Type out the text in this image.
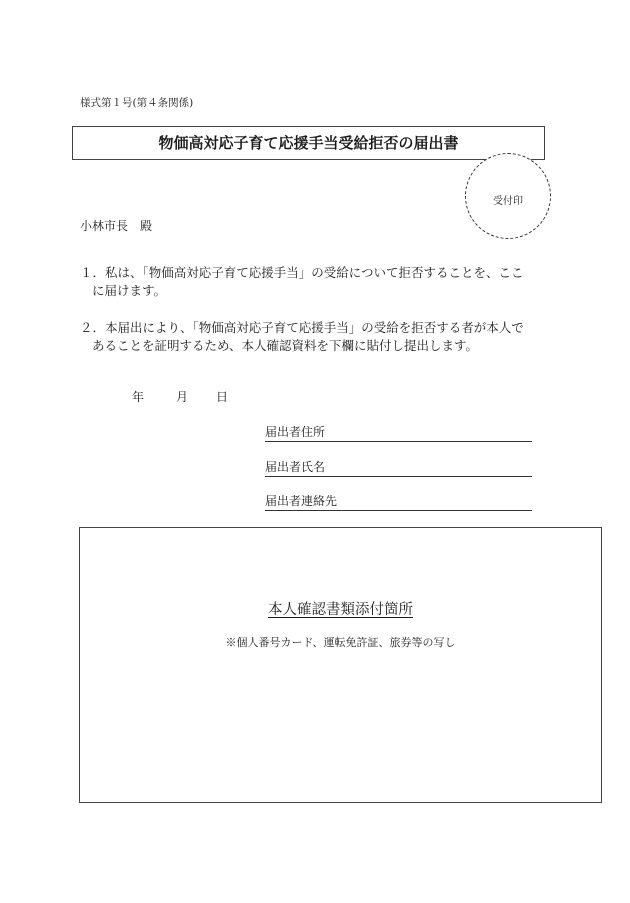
様式第１号(第４条関係)
物価高対応子育て応援手当受給拒否の届出書
受付印
小林市長　殿
１．私は、「物価高対応子育て応援手当」の受給について拒否することを、ここ
に届けます。
２．本届出により、「物価高対応子育て応援手当」の受給を拒否する者が本人で
あることを証明するため、本人確認資料を下欄に貼付し提出します。
年	月 日
届出者住所
届出者氏名
届出者連絡先
本人確認書類添付箇所
※個人番号カード、運転免許証、旅券等の写し
